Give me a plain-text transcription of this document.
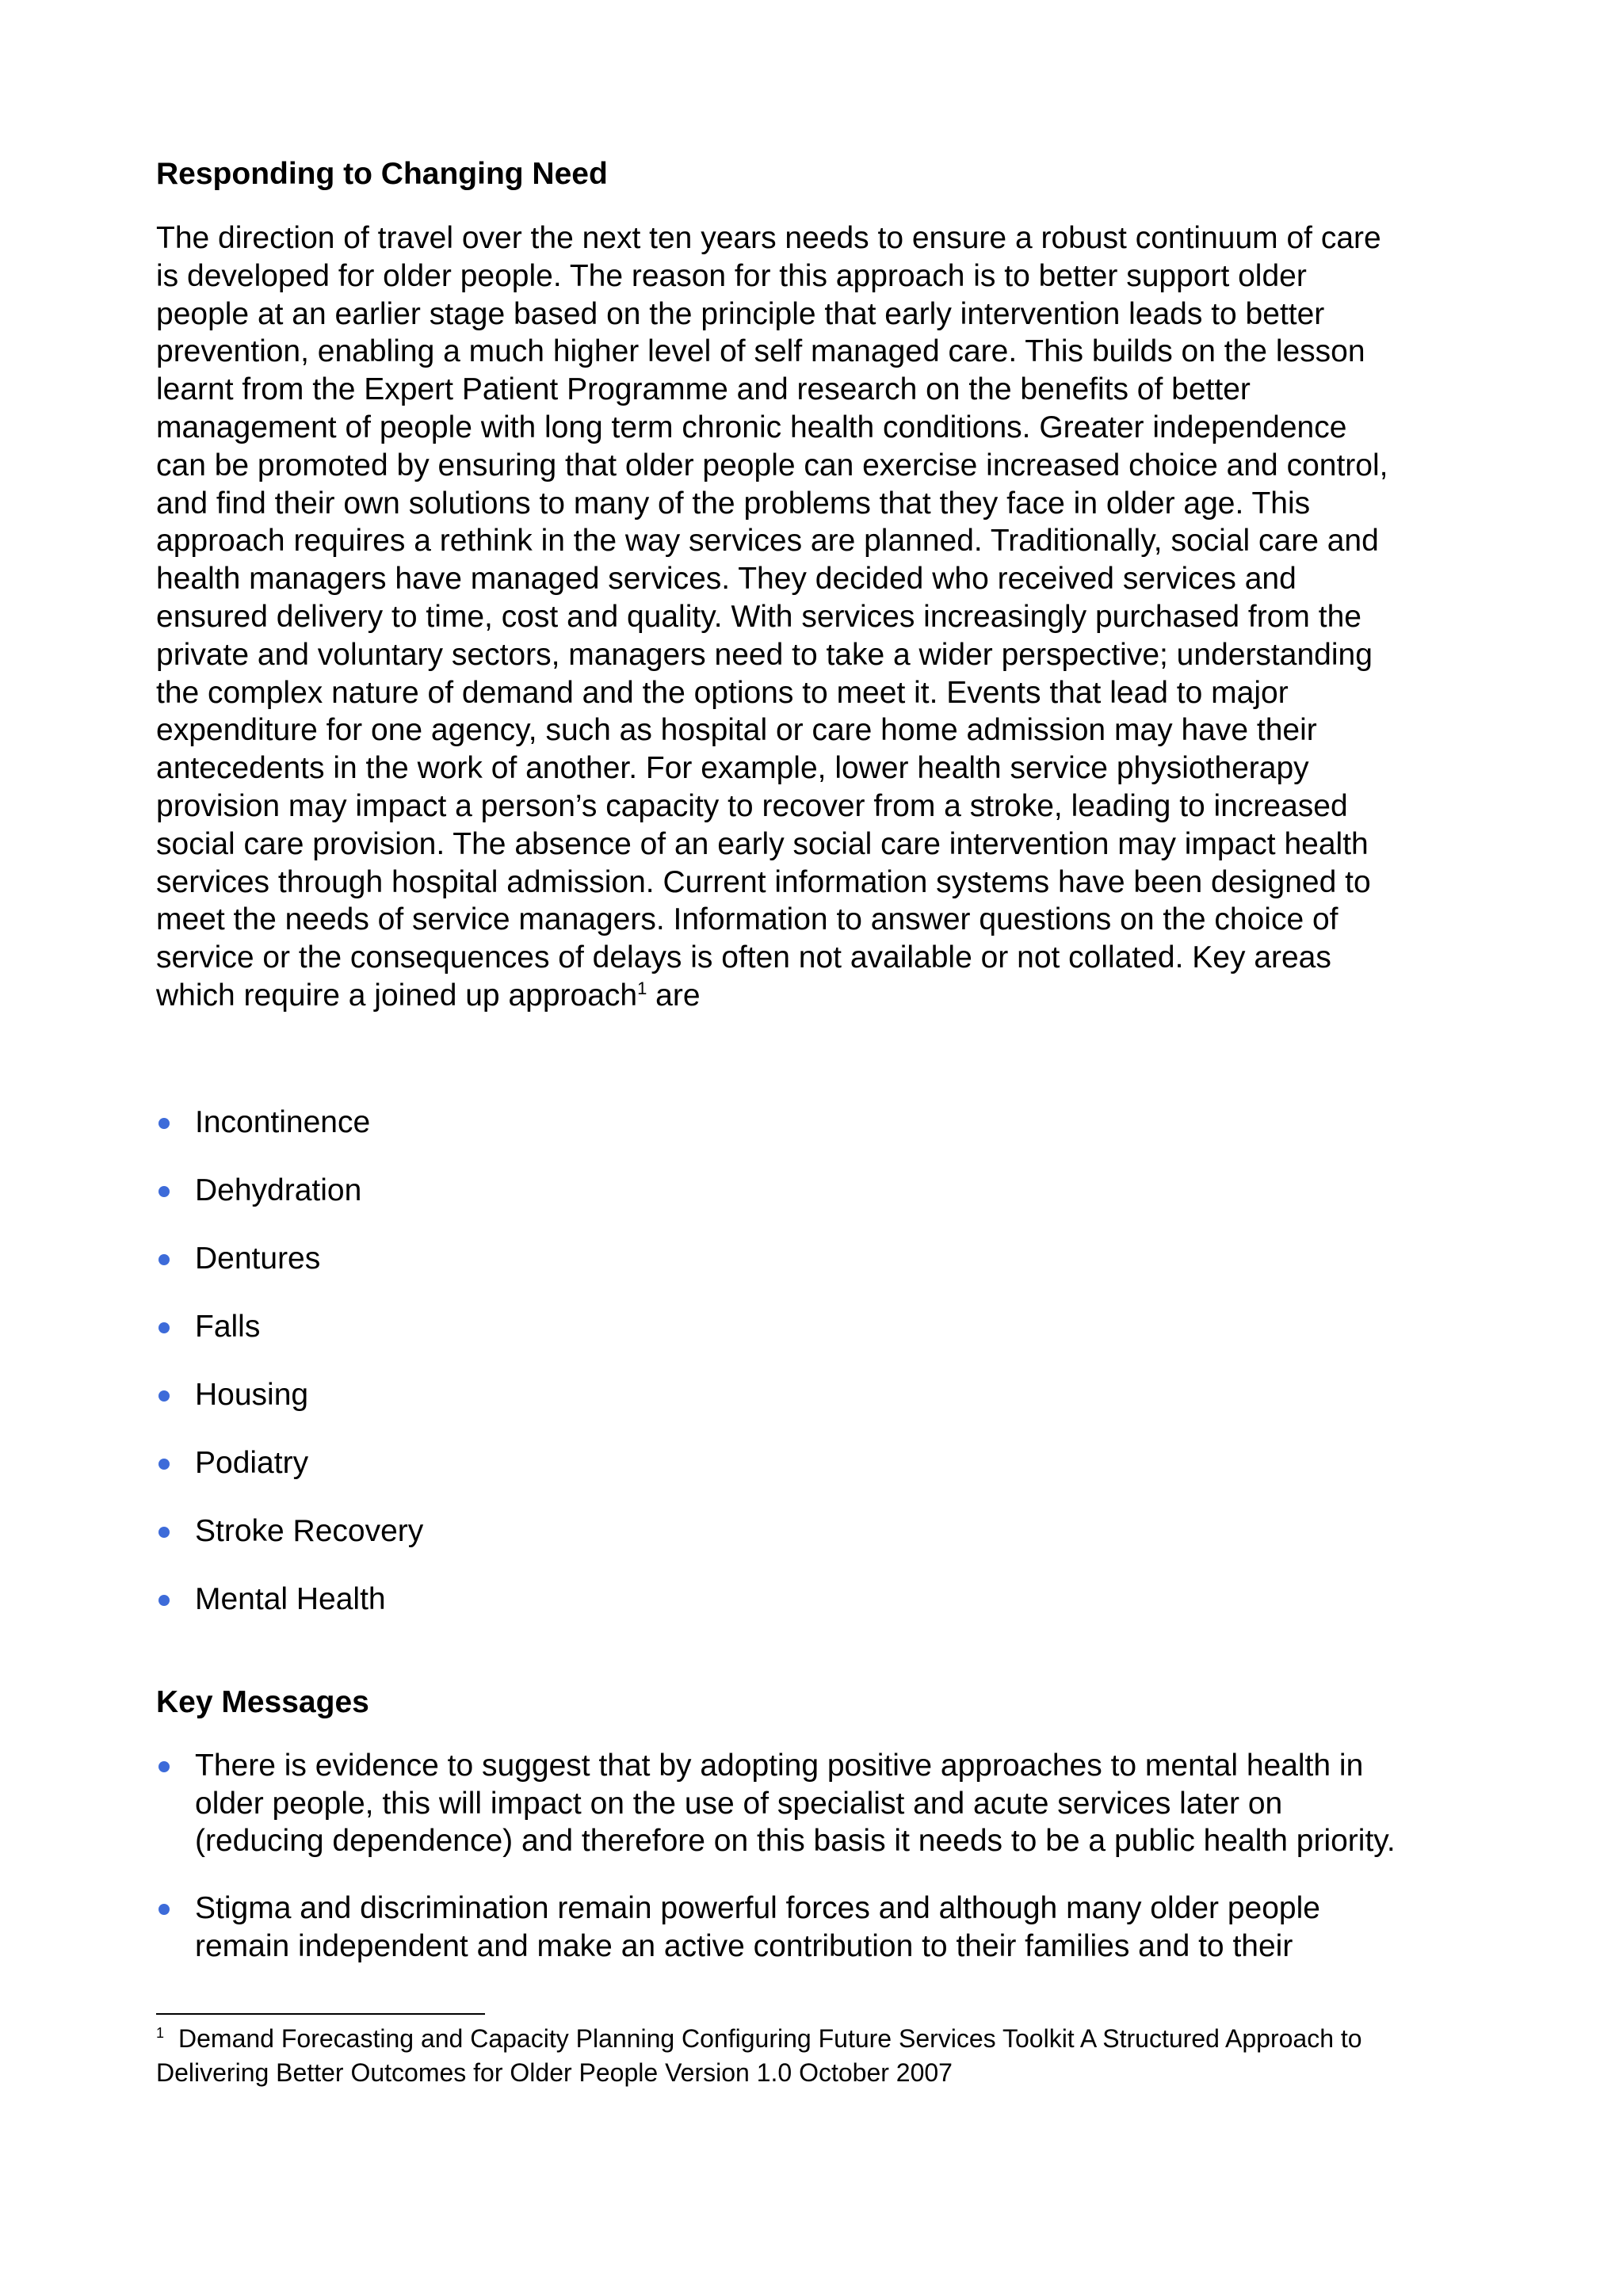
Responding to Changing Need

The direction of travel over the next ten years needs to ensure a robust continuum of care
is developed for older people. The reason for this approach is to better support older
people at an earlier stage based on the principle that early intervention leads to better
prevention, enabling a much higher level of self managed care. This builds on the lesson
learnt from the Expert Patient Programme and research on the benefits of better
management of people with long term chronic health conditions. Greater independence
can be promoted by ensuring that older people can exercise increased choice and control,
and find their own solutions to many of the problems that they face in older age. This
approach requires a rethink in the way services are planned. Traditionally, social care and
health managers have managed services. They decided who received services and
ensured delivery to time, cost and quality. With services increasingly purchased from the
private and voluntary sectors, managers need to take a wider perspective; understanding
the complex nature of demand and the options to meet it. Events that lead to major
expenditure for one agency, such as hospital or care home admission may have their
antecedents in the work of another. For example, lower health service physiotherapy
provision may impact a person’s capacity to recover from a stroke, leading to increased
social care provision. The absence of an early social care intervention may impact health
services through hospital admission. Current information systems have been designed to
meet the needs of service managers. Information to answer questions on the choice of
service or the consequences of delays is often not available or not collated. Key areas
which require a joined up approach$^1$ are

Incontinence
Dehydration
Dentures
Falls
Housing
Podiatry
Stroke Recovery
Mental Health
Key Messages
There is evidence to suggest that by adopting positive approaches to mental health in
older people, this will impact on the use of specialist and acute services later on
(reducing dependence) and therefore on this basis it needs to be a public health priority.
Stigma and discrimination remain powerful forces and although many older people
remain independent and make an active contribution to their families and to their
$^1$ Demand Forecasting and Capacity Planning Configuring Future Services Toolkit A Structured Approach to
Delivering Better Outcomes for Older People Version 1.0 October 2007
